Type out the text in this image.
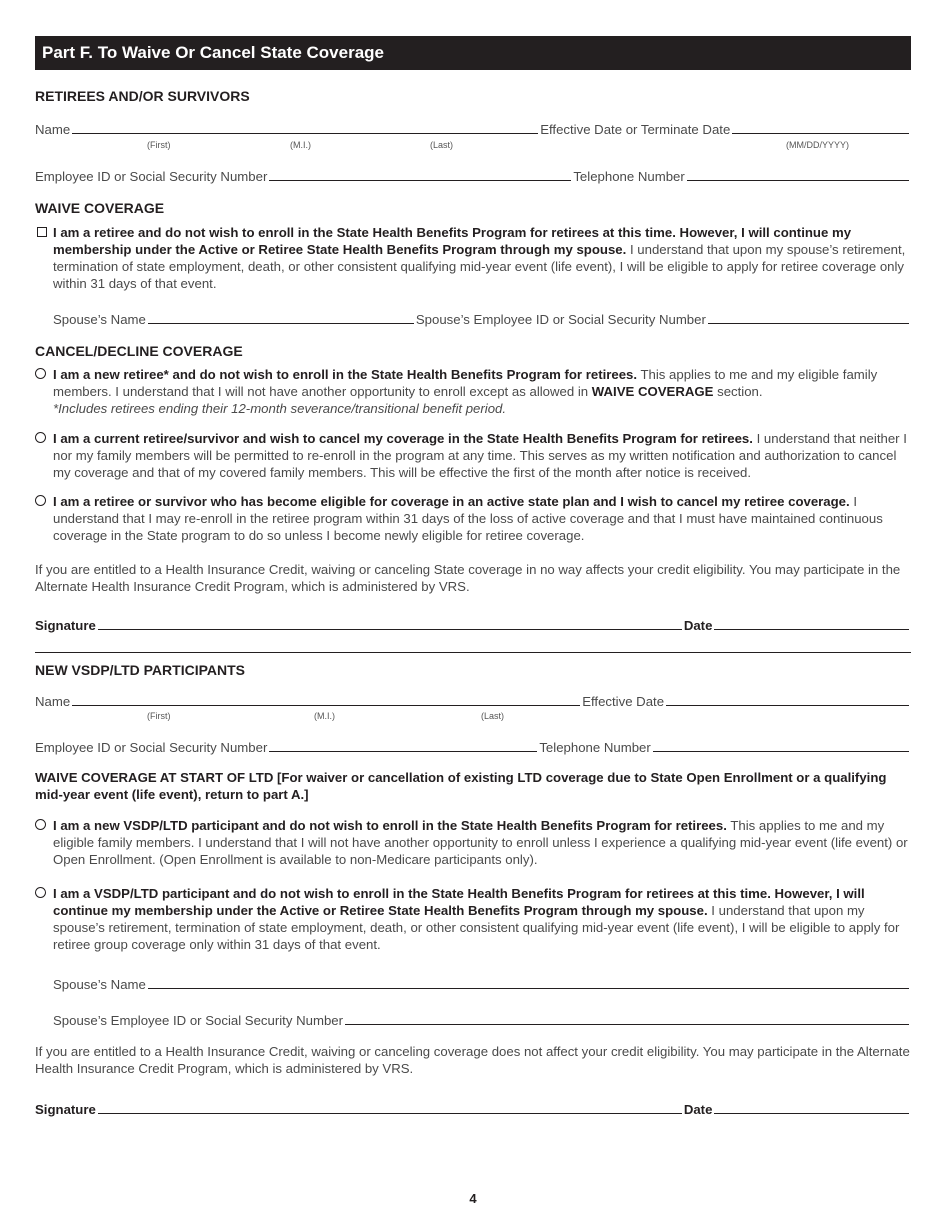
Part F. To Waive Or Cancel State Coverage
RETIREES AND/OR SURVIVORS
Name	Effective Date or Terminate Date
(First)	(M.I.)	(Last)	(MM/DD/YYYY)
Employee ID or Social Security Number	Telephone Number
WAIVE COVERAGE
I am a retiree and do not wish to enroll in the State Health Benefits Program for retirees at this time. However, I will continue my membership under the Active or Retiree State Health Benefits Program through my spouse. I understand that upon my spouse’s retirement, termination of state employment, death, or other consistent qualifying mid-year event (life event), I will be eligible to apply for retiree coverage only within 31 days of that event.
Spouse’s Name	Spouse’s Employee ID or Social Security Number
CANCEL/DECLINE COVERAGE
I am a new retiree* and do not wish to enroll in the State Health Benefits Program for retirees. This applies to me and my eligible family members. I understand that I will not have another opportunity to enroll except as allowed in WAIVE COVERAGE section.
*Includes retirees ending their 12-month severance/transitional benefit period.
I am a current retiree/survivor and wish to cancel my coverage in the State Health Benefits Program for retirees. I understand that neither I nor my family members will be permitted to re-enroll in the program at any time. This serves as my written notification and authorization to cancel my coverage and that of my covered family members. This will be effective the first of the month after notice is received.
I am a retiree or survivor who has become eligible for coverage in an active state plan and I wish to cancel my retiree coverage. I understand that I may re-enroll in the retiree program within 31 days of the loss of active coverage and that I must have maintained continuous coverage in the State program to do so unless I become newly eligible for retiree coverage.
If you are entitled to a Health Insurance Credit, waiving or canceling State coverage in no way affects your credit eligibility. You may participate in the Alternate Health Insurance Credit Program, which is administered by VRS.
Signature	Date
NEW VSDP/LTD PARTICIPANTS
Name	Effective Date
(First)	(M.I.)	(Last)
Employee ID or Social Security Number	Telephone Number
WAIVE COVERAGE AT START OF LTD [For waiver or cancellation of existing LTD coverage due to State Open Enrollment or a qualifying mid-year event (life event), return to part A.]
I am a new VSDP/LTD participant and do not wish to enroll in the State Health Benefits Program for retirees. This applies to me and my eligible family members. I understand that I will not have another opportunity to enroll unless I experience a qualifying mid-year event (life event) or Open Enrollment. (Open Enrollment is available to non-Medicare participants only).
I am a VSDP/LTD participant and do not wish to enroll in the State Health Benefits Program for retirees at this time. However, I will continue my membership under the Active or Retiree State Health Benefits Program through my spouse. I understand that upon my spouse’s retirement, termination of state employment, death, or other consistent qualifying mid-year event (life event), I will be eligible to apply for retiree group coverage only within 31 days of that event.
Spouse’s Name
Spouse’s Employee ID or Social Security Number
If you are entitled to a Health Insurance Credit, waiving or canceling coverage does not affect your credit eligibility. You may participate in the Alternate Health Insurance Credit Program, which is administered by VRS.
Signature	Date
4
